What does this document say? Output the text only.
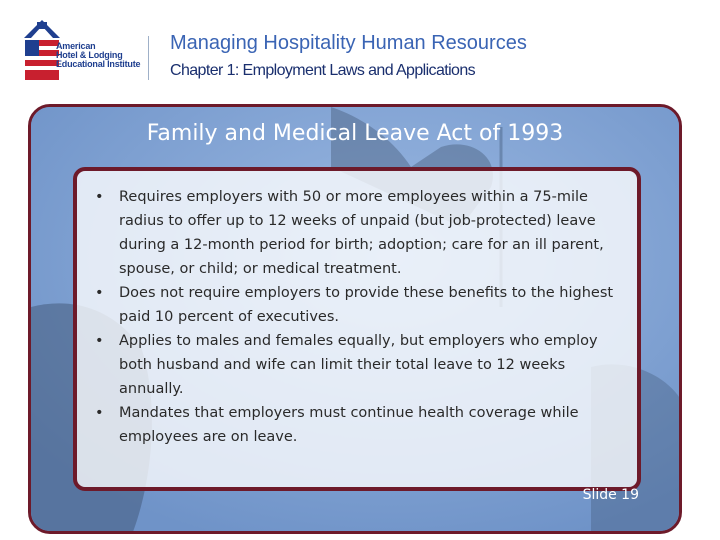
American
Hotel & Lodging
Educational Institute
Managing Hospitality Human Resources
Chapter 1: Employment Laws and Applications
Family and Medical Leave Act of 1993
• Requires employers with 50 or more employees within a 75-mile radius to offer up to 12 weeks of unpaid (but job-protected) leave during a 12-month period for birth; adoption; care for an ill parent, spouse, or child; or medical treatment.
• Does not require employers to provide these benefits to the highest paid 10 percent of executives.
• Applies to males and females equally, but employers who employ both husband and wife can limit their total leave to 12 weeks annually.
• Mandates that employers must continue health coverage while employees are on leave.
Slide 19
